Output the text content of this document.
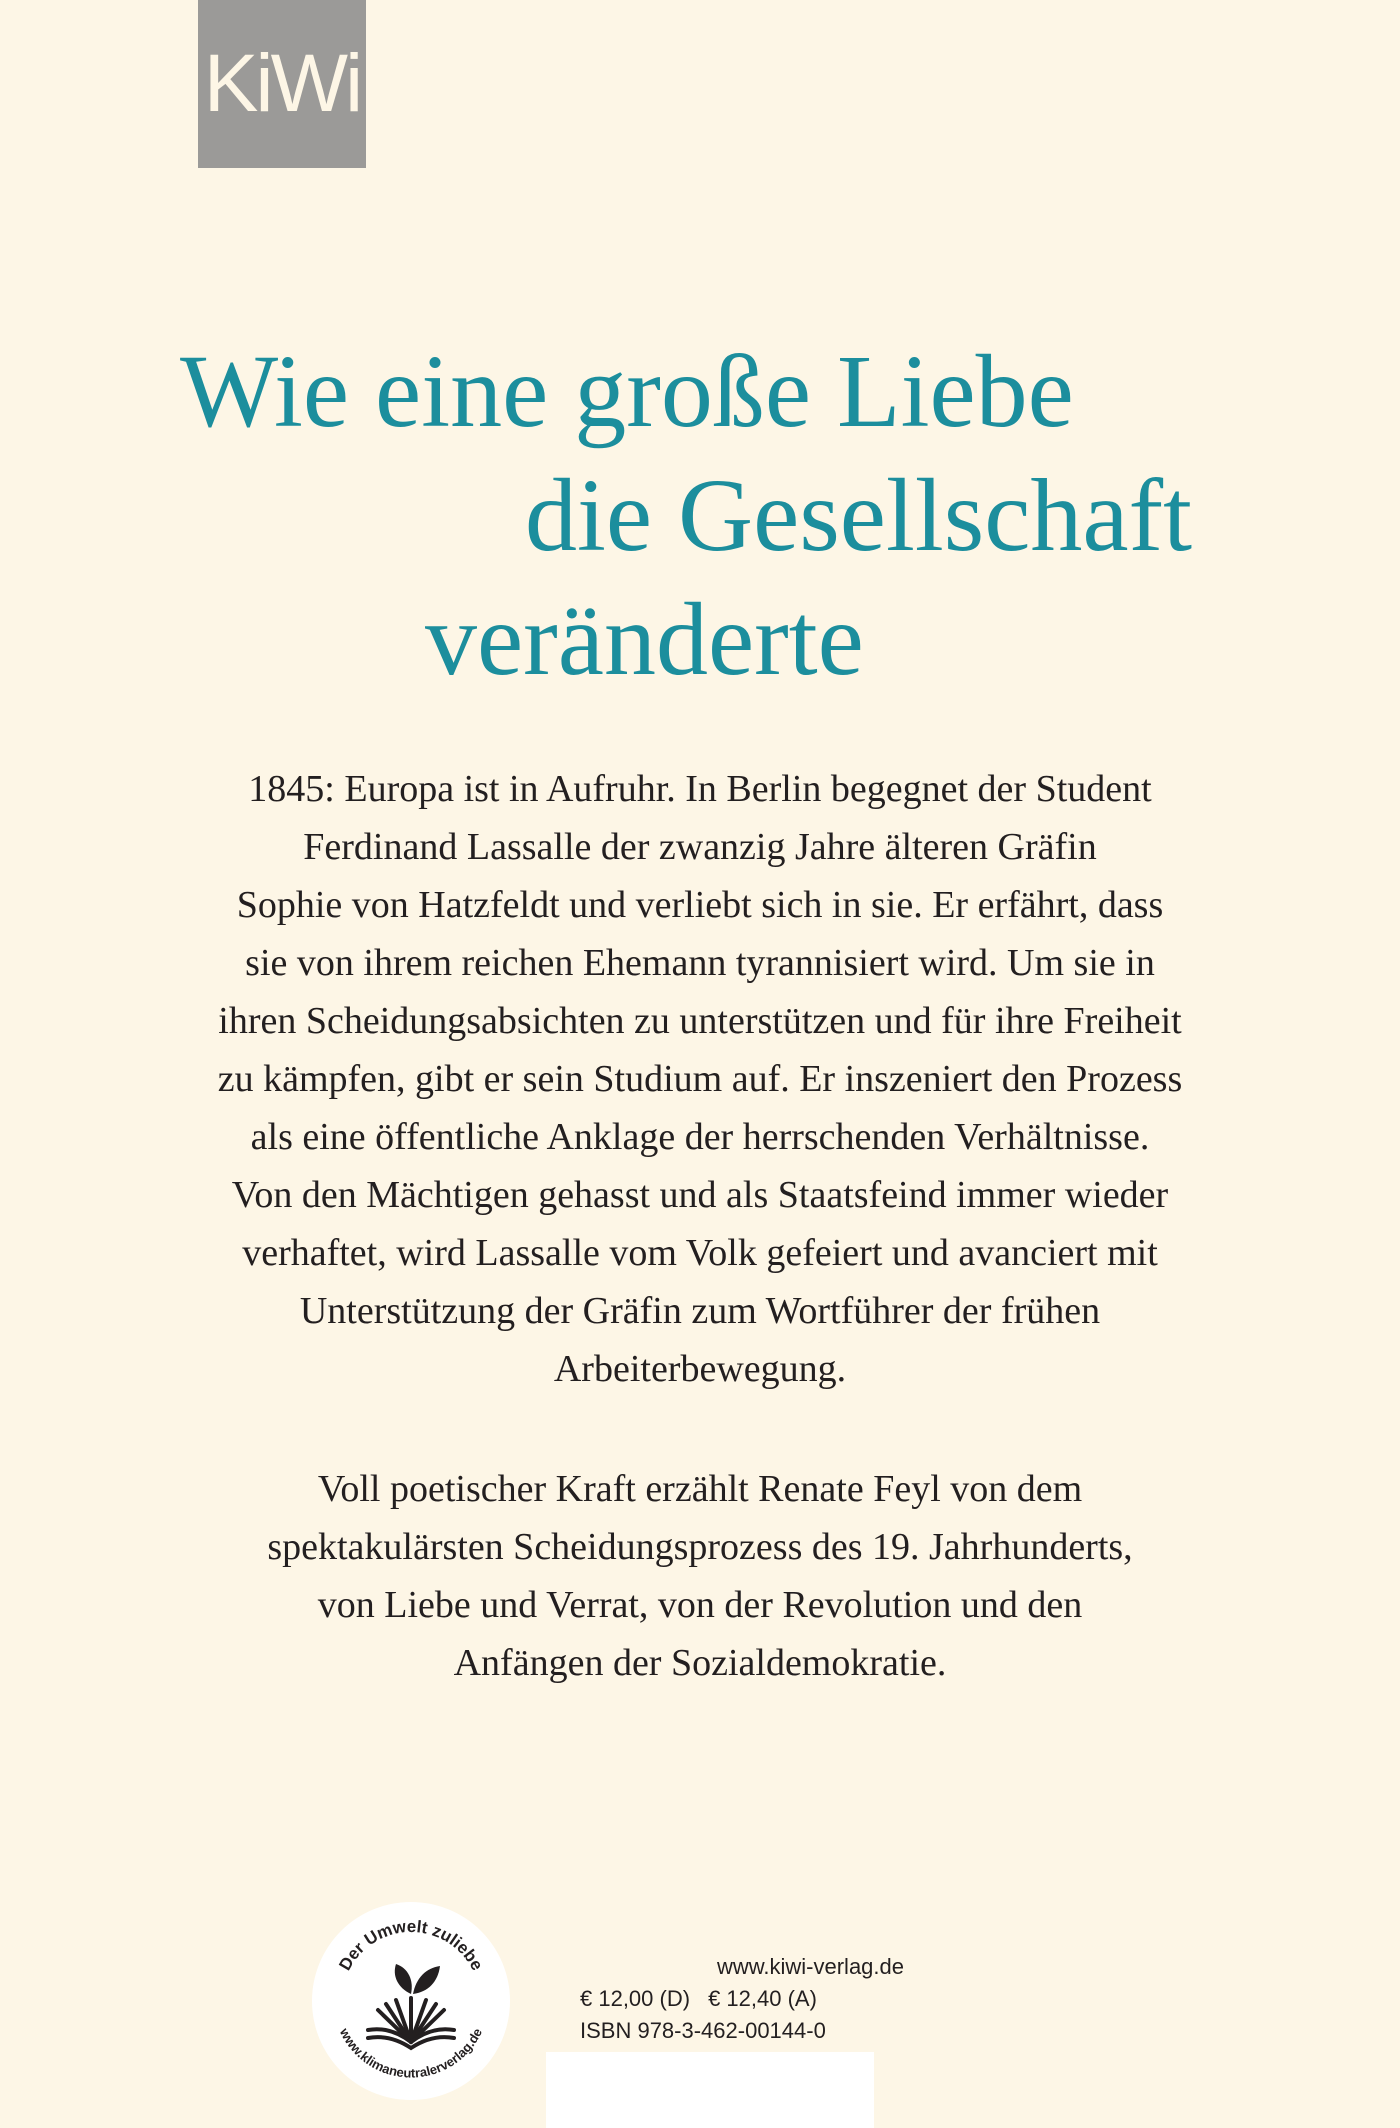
KiWi
Wie eine große Liebe
die Gesellschaft
veränderte

1845: Europa ist in Aufruhr. In Berlin begegnet der Student

Ferdinand Lassalle der zwanzig Jahre älteren Gräfin

Sophie von Hatzfeldt und verliebt sich in sie. Er erfährt, dass

sie von ihrem reichen Ehemann tyrannisiert wird. Um sie in

ihren Scheidungsabsichten zu unterstützen und für ihre Freiheit

zu kämpfen, gibt er sein Studium auf. Er inszeniert den Prozess

als eine öffentliche Anklage der herrschenden Verhältnisse.

Von den Mächtigen gehasst und als Staatsfeind immer wieder

verhaftet, wird Lassalle vom Volk gefeiert und avanciert mit

Unterstützung der Gräfin zum Wortführer der frühen

Arbeiterbewegung.

Voll poetischer Kraft erzählt Renate Feyl von dem

spektakulärsten Scheidungsprozess des 19. Jahrhunderts,

von Liebe und Verrat, von der Revolution und den

Anfängen der Sozialdemokratie.

Der Umwelt zuliebe
www.klimaneutralerverlag.de
www.kiwi-verlag.de
€ 12,00 (D) € 12,40 (A)
ISBN 978-3-462-00144-0
